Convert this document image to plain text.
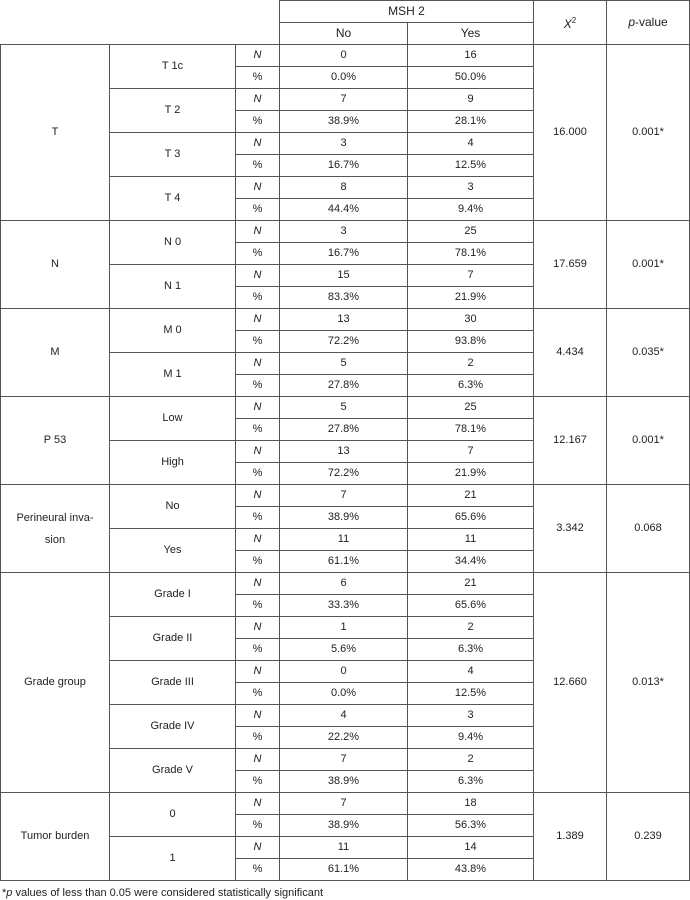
			MSH 2		$X^2$	p-value
			No	Yes		
T	T 1c	N	0	16	16.000	0.001*
		%	0.0%	50.0%		
	T 2	N	7	9		
		%	38.9%	28.1%		
	T 3	N	3	4		
		%	16.7%	12.5%		
	T 4	N	8	3		
		%	44.4%	9.4%		
N	N 0	N	3	25	17.659	0.001*
		%	16.7%	78.1%		
	N 1	N	15	7		
		%	83.3%	21.9%		
M	M 0	N	13	30	4.434	0.035*
		%	72.2%	93.8%		
	M 1	N	5	2		
		%	27.8%	6.3%		
P 53	Low	N	5	25	12.167	0.001*
		%	27.8%	78.1%		
	High	N	13	7		
		%	72.2%	21.9%		
Perineural inva-sion	No	N	7	21	3.342	0.068
		%	38.9%	65.6%		
	Yes	N	11	11		
		%	61.1%	34.4%		
Grade group	Grade I	N	6	21	12.660	0.013*
		%	33.3%	65.6%		
	Grade II	N	1	2		
		%	5.6%	6.3%		
	Grade III	N	0	4		
		%	0.0%	12.5%		
	Grade IV	N	4	3		
		%	22.2%	9.4%		
	Grade V	N	7	2		
		%	38.9%	6.3%		
Tumor burden	0	N	7	18	1.389	0.239
		%	38.9%	56.3%		
	1	N	11	14		
		%	61.1%	43.8%		
*p values of less than 0.05 were considered statistically significant
